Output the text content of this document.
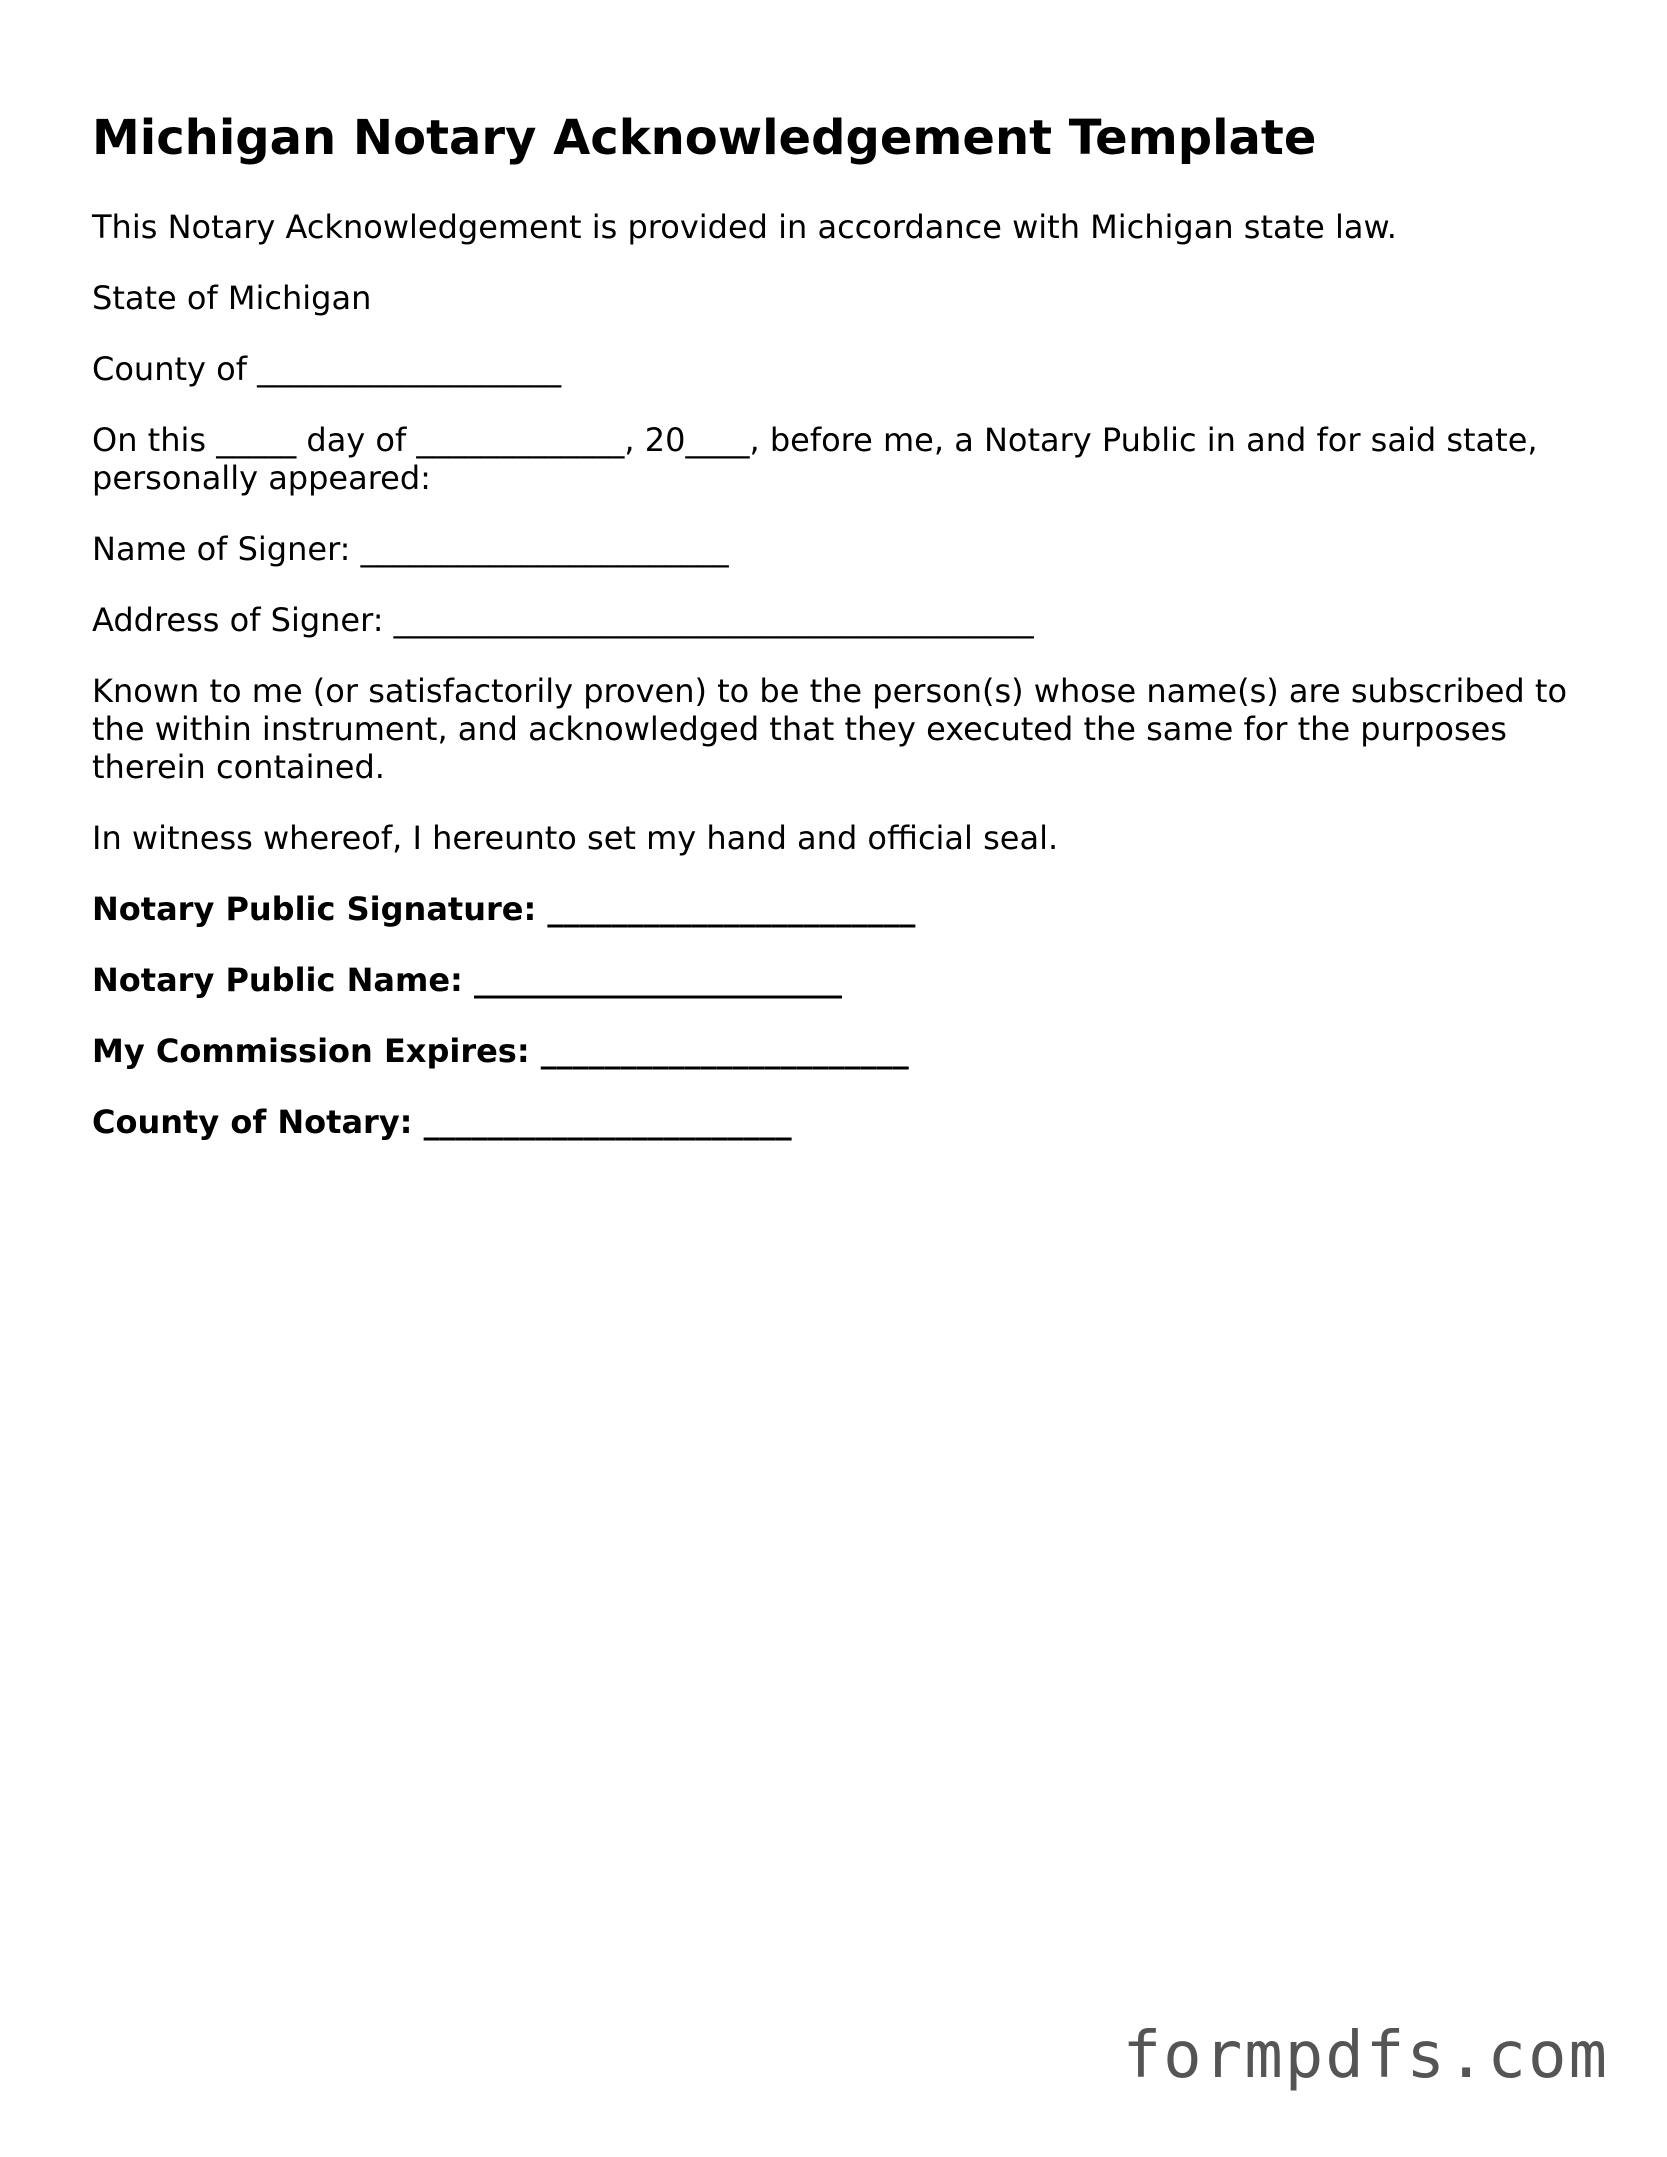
Michigan Notary Acknowledgement Template

This Notary Acknowledgement is provided in accordance with Michigan state law.

State of Michigan

County of ___________________

On this _____ day of _____________, 20____, before me, a Notary Public in and for said state, personally appeared:

Name of Signer: _______________________

Address of Signer: ________________________________________

Known to me (or satisfactorily proven) to be the person(s) whose name(s) are subscribed to the within instrument, and acknowledged that they executed the same for the purposes therein contained.

In witness whereof, I hereunto set my hand and official seal.

Notary Public Signature: _______________________

Notary Public Name: _______________________

My Commission Expires: _______________________

County of Notary: _______________________

formpdfs.com
